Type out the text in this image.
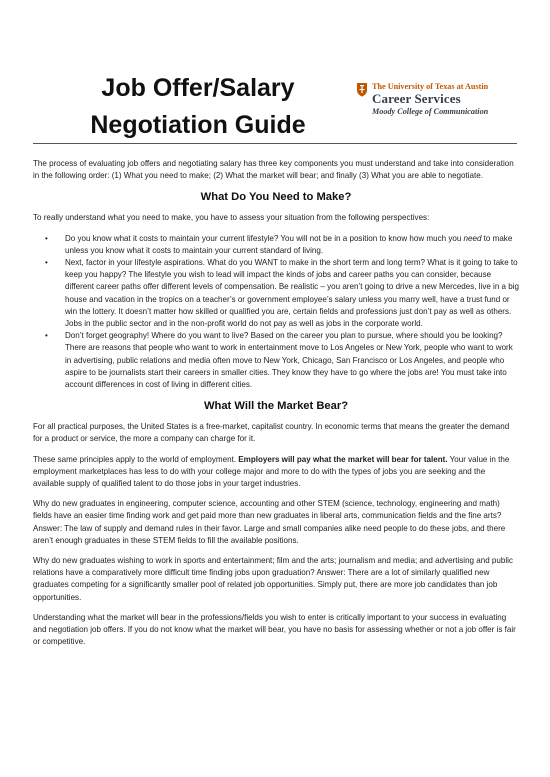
Job Offer/Salary
Negotiation Guide
The University of Texas at Austin
Career Services
Moody College of Communication

The process of evaluating job offers and negotiating salary has three key components you must understand and take into consideration in the following order: (1) What you need to make; (2) What the market will bear; and finally (3) What you are able to negotiate.

What Do You Need to Make?

To really understand what you need to make, you have to assess your situation from the following perspectives:

• Do you know what it costs to maintain your current lifestyle? You will not be in a position to know how much you need to make unless you know what it costs to maintain your current standard of living.
• Next, factor in your lifestyle aspirations. What do you WANT to make in the short term and long term? What is it going to take to keep you happy? The lifestyle you wish to lead will impact the kinds of jobs and career paths you can consider, because different career paths offer different levels of compensation. Be realistic – you aren’t going to drive a new Mercedes, live in a big house and vacation in the tropics on a teacher’s or government employee’s salary unless you marry well, have a trust fund or win the lottery. It doesn’t matter how skilled or qualified you are, certain fields and professions just don’t pay as well as others. Jobs in the public sector and in the non-profit world do not pay as well as jobs in the corporate world.
• Don’t forget geography! Where do you want to live? Based on the career you plan to pursue, where should you be looking? There are reasons that people who want to work in entertainment move to Los Angeles or New York, people who want to work in advertising, public relations and media often move to New York, Chicago, San Francisco or Los Angeles, and people who aspire to be journalists start their careers in smaller cities. They know they have to go where the jobs are! You must take into account differences in cost of living in different cities.
What Will the Market Bear?

For all practical purposes, the United States is a free-market, capitalist country. In economic terms that means the greater the demand for a product or service, the more a company can charge for it.

These same principles apply to the world of employment. Employers will pay what the market will bear for talent. Your value in the employment marketplaces has less to do with your college major and more to do with the types of jobs you are seeking and the available supply of qualified talent to do those jobs in your target industries.

Why do new graduates in engineering, computer science, accounting and other STEM (science, technology, engineering and math) fields have an easier time finding work and get paid more than new graduates in liberal arts, communication fields and the fine arts? Answer: The law of supply and demand rules in their favor. Large and small companies alike need people to do these jobs, and there aren’t enough graduates in these STEM fields to fill the available positions.

Why do new graduates wishing to work in sports and entertainment; film and the arts; journalism and media; and advertising and public relations have a comparatively more difficult time finding jobs upon graduation? Answer: There are a lot of similarly qualified new graduates competing for a significantly smaller pool of related job opportunities. Simply put, there are more job candidates than job opportunities.

Understanding what the market will bear in the professions/fields you wish to enter is critically important to your success in evaluating and negotiation job offers. If you do not know what the market will bear, you have no basis for assessing whether or not a job offer is fair or competitive.
